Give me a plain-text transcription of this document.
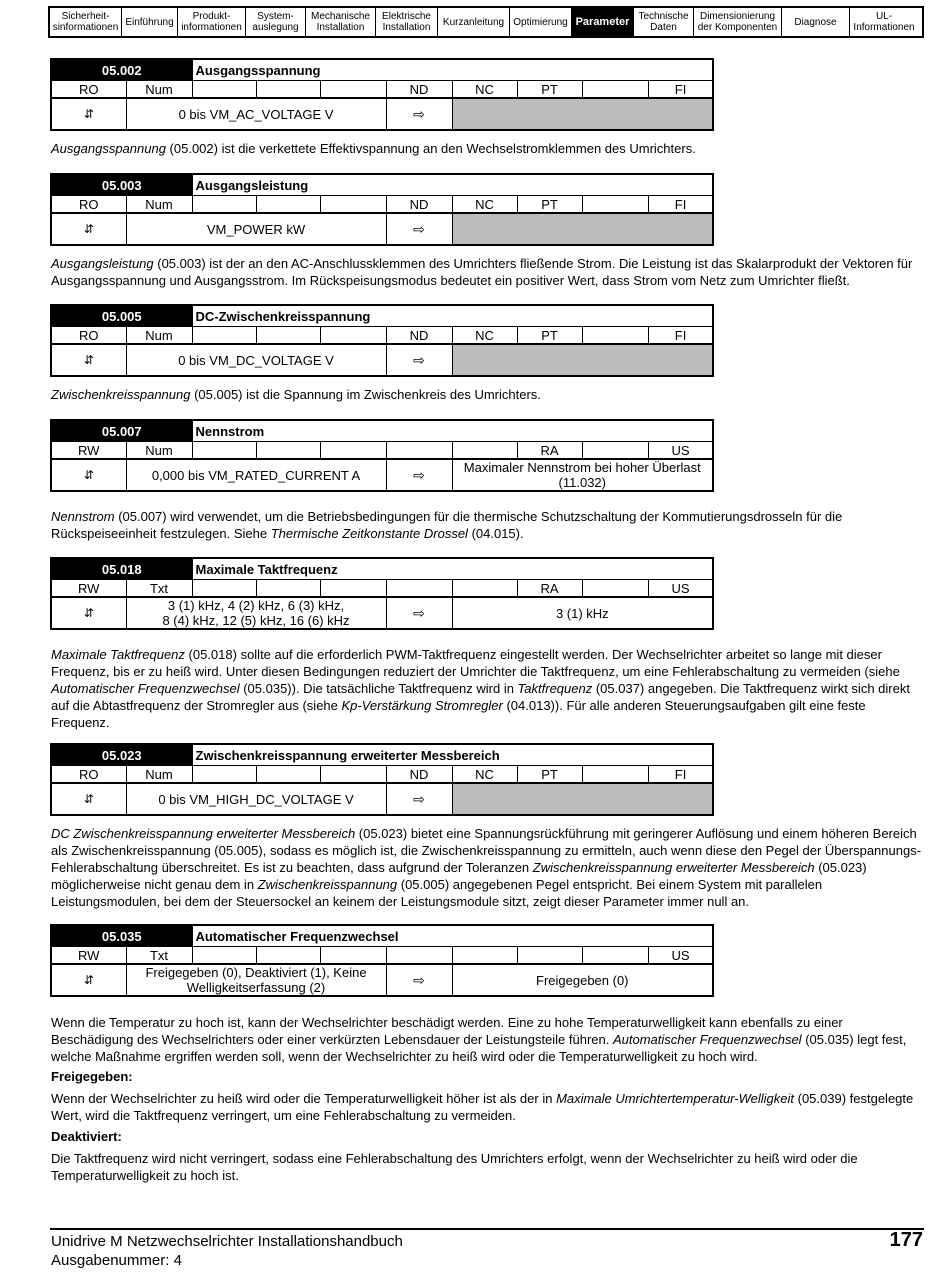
Sicherheit-
sinformationen Einführung	Produkt-
informationen
System-
auslegung
Mechanische
Installation
Elektrische
Installation	Kurzanleitung Optimierung Parameter Technische
Daten
Dimensionierung
der Komponenten	Diagnose	UL-
Informationen
05.002		Ausgangsspannung							
RO	Num				ND	NC	PT		FI
⇵	0 bis VM_AC_VOLTAGE V				⇨				

Ausgangsspannung (05.002) ist die verkettete Effektivspannung an den Wechselstromklemmen des Umrichters.

05.003		Ausgangsleistung							
RO	Num				ND	NC	PT		FI
⇵	VM_POWER kW				⇨				

Ausgangsleistung (05.003) ist der an den AC-Anschlussklemmen des Umrichters fließende Strom. Die Leistung ist das Skalarprodukt der Vektoren für Ausgangsspannung und Ausgangsstrom. Im Rückspeisungsmodus bedeutet ein positiver Wert, dass Strom vom Netz zum Umrichter fließt.

05.005		DC-Zwischenkreisspannung							
RO	Num				ND	NC	PT		FI
⇵	0 bis VM_DC_VOLTAGE V				⇨				

Zwischenkreisspannung (05.005) ist die Spannung im Zwischenkreis des Umrichters.

05.007		Nennstrom							
RW	Num						RA		US
⇵	0,000 bis VM_RATED_CURRENT A				⇨	Maximaler Nennstrom bei hoher Überlast
(11.032)			

Nennstrom (05.007) wird verwendet, um die Betriebsbedingungen für die thermische Schutzschaltung der Kommutierungsdrosseln für die Rückspeiseeinheit festzulegen. Siehe Thermische Zeitkonstante Drossel (04.015).

05.018		Maximale Taktfrequenz							
RW	Txt						RA		US
⇵	3 (1) kHz, 4 (2) kHz, 6 (3) kHz,
8 (4) kHz, 12 (5) kHz, 16 (6) kHz				⇨	3 (1) kHz			

Maximale Taktfrequenz (05.018) sollte auf die erforderlich PWM-Taktfrequenz eingestellt werden. Der Wechselrichter arbeitet so lange mit dieser Frequenz, bis er zu heiß wird. Unter diesen Bedingungen reduziert der Umrichter die Taktfrequenz, um eine Fehlerabschaltung zu vermeiden (siehe Automatischer Frequenzwechsel (05.035)). Die tatsächliche Taktfrequenz wird in Taktfrequenz (05.037) angegeben. Die Taktfrequenz wirkt sich direkt auf die Abtastfrequenz der Stromregler aus (siehe Kp-Verstärkung Stromregler (04.013)). Für alle anderen Steuerungsaufgaben gilt eine feste Frequenz.

05.023		Zwischenkreisspannung erweiterter Messbereich							
RO	Num				ND	NC	PT		FI
⇵	0 bis VM_HIGH_DC_VOLTAGE V				⇨				

DC Zwischenkreisspannung erweiterter Messbereich (05.023) bietet eine Spannungsrückführung mit geringerer Auflösung und einem höheren Bereich als Zwischenkreisspannung (05.005), sodass es möglich ist, die Zwischenkreisspannung zu ermitteln, auch wenn diese den Pegel der Überspannungs-Fehlerabschaltung überschreitet. Es ist zu beachten, dass aufgrund der Toleranzen Zwischenkreisspannung erweiterter Messbereich (05.023) möglicherweise nicht genau dem in Zwischenkreisspannung (05.005) angegebenen Pegel entspricht. Bei einem System mit parallelen Leistungsmodulen, bei dem der Steuersockel an keinem der Leistungsmodule sitzt, zeigt dieser Parameter immer null an.

05.035		Automatischer Frequenzwechsel							
RW	Txt								US
⇵	Freigegeben (0), Deaktiviert (1), Keine
Welligkeitserfassung (2)				⇨	Freigegeben (0)			

Wenn die Temperatur zu hoch ist, kann der Wechselrichter beschädigt werden. Eine zu hohe Temperaturwelligkeit kann ebenfalls zu einer Beschädigung des Wechselrichters oder einer verkürzten Lebensdauer der Leistungsteile führen. Automatischer Frequenzwechsel (05.035) legt fest, welche Maßnahme ergriffen werden soll, wenn der Wechselrichter zu heiß wird oder die Temperaturwelligkeit zu hoch wird.

Freigegeben:

Wenn der Wechselrichter zu heiß wird oder die Temperaturwelligkeit höher ist als der in Maximale Umrichtertemperatur-Welligkeit (05.039) festgelegte Wert, wird die Taktfrequenz verringert, um eine Fehlerabschaltung zu vermeiden.

Deaktiviert:

Die Taktfrequenz wird nicht verringert, sodass eine Fehlerabschaltung des Umrichters erfolgt, wenn der Wechselrichter zu heiß wird oder die Temperaturwelligkeit zu hoch ist.

Unidrive M Netzwechselrichter Installationshandbuch
Ausgabenummer: 4
177
